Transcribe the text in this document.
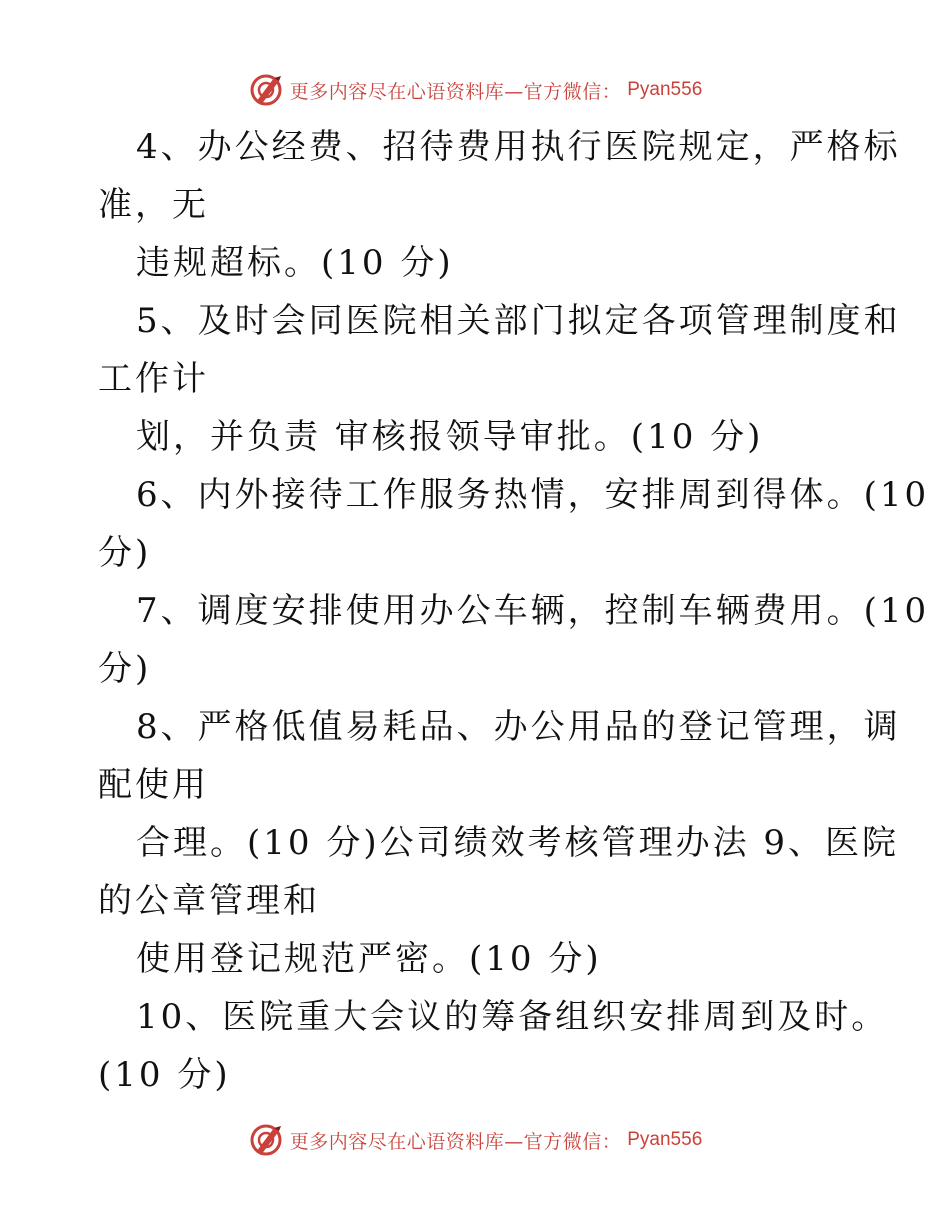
更多内容尽在心语资料库—官方微信： Pyan556
4、办公经费、招待费用执行医院规定，严格标
准，无
违规超标。(10 分)
5、及时会同医院相关部门拟定各项管理制度和
工作计
划，并负责 审核报领导审批。(10 分)
6、内外接待工作服务热情，安排周到得体。(10
分)
7、调度安排使用办公车辆，控制车辆费用。(10
分)
8、严格低值易耗品、办公用品的登记管理，调
配使用
合理。(10 分)公司绩效考核管理办法 9、医院
的公章管理和
使用登记规范严密。(10 分)
10、医院重大会议的筹备组织安排周到及时。
(10 分)
更多内容尽在心语资料库—官方微信： Pyan556
